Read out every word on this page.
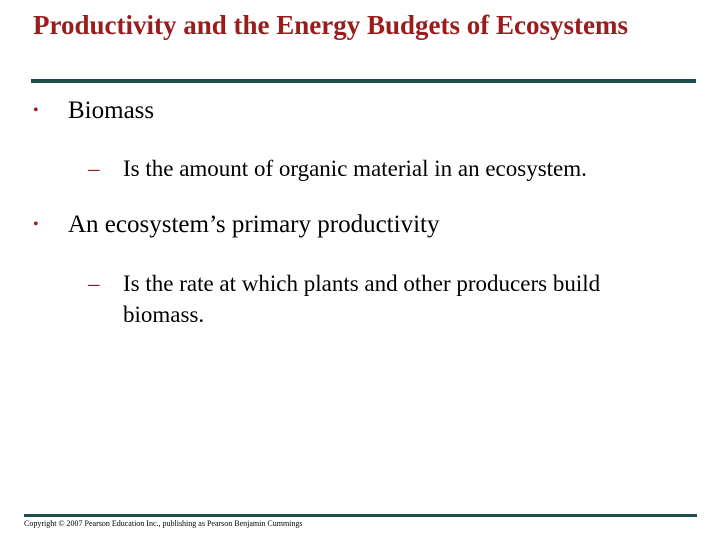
Productivity and the Energy Budgets of Ecosystems
•	Biomass
–	Is the amount of organic material in an ecosystem.
•	An ecosystem’s primary productivity
–	Is the rate at which plants and other producers build biomass.
Copyright © 2007 Pearson Education Inc., publishing as Pearson Benjamin Cummings
